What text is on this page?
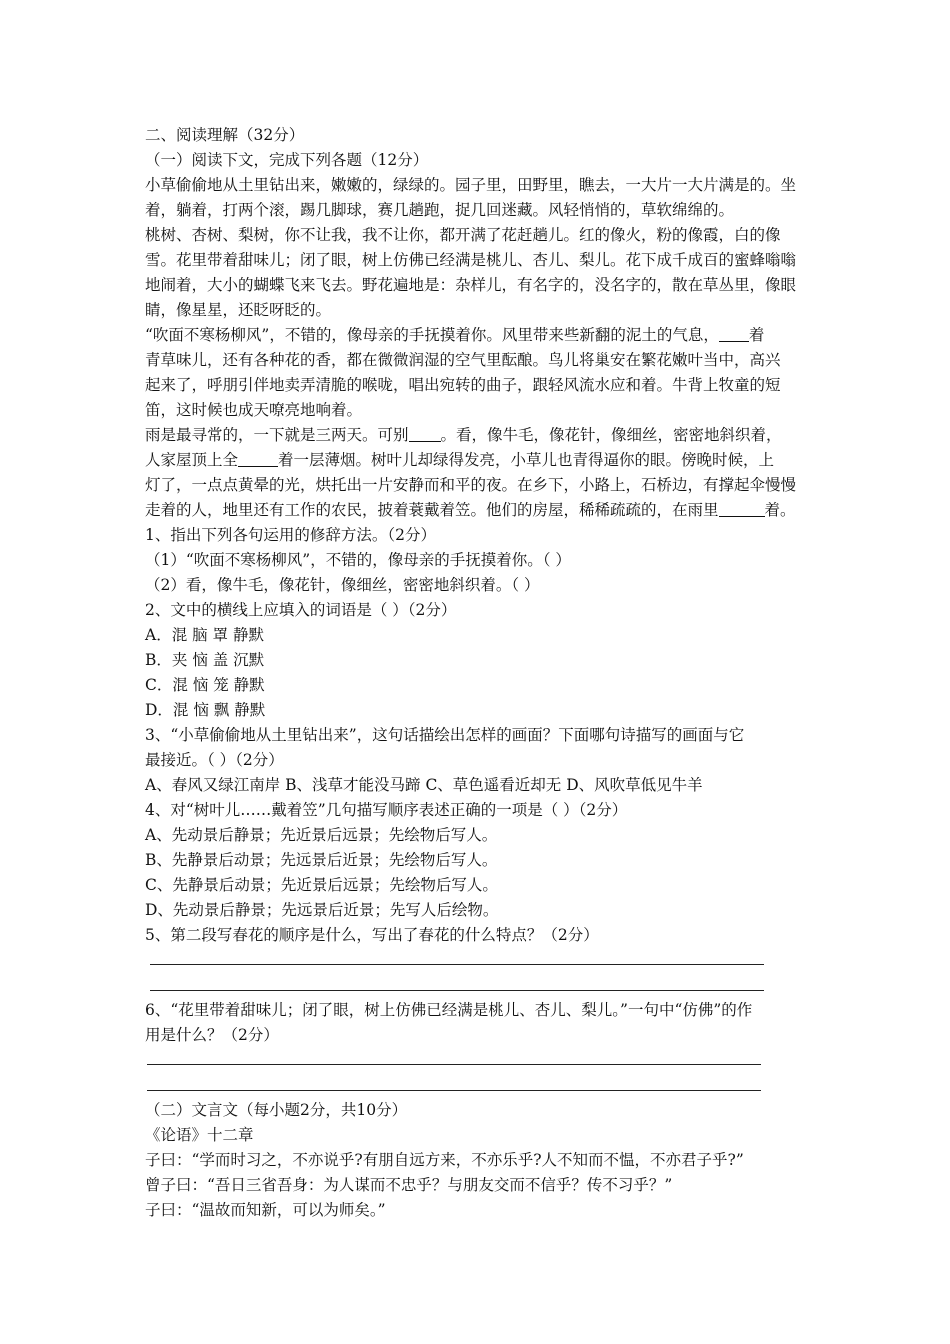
二、阅读理解（32分）
（一）阅读下文，完成下列各题（12分）
小草偷偷地从土里钻出来，嫩嫩的，绿绿的。园子里，田野里，瞧去，一大片一大片满是的。坐
着，躺着，打两个滚，踢几脚球，赛几趟跑，捉几回迷藏。风轻悄悄的，草软绵绵的。
桃树、杏树、梨树，你不让我，我不让你，都开满了花赶趟儿。红的像火，粉的像霞，白的像
雪。花里带着甜味儿；闭了眼，树上仿佛已经满是桃儿、杏儿、梨儿。花下成千成百的蜜蜂嗡嗡
地闹着，大小的蝴蝶飞来飞去。野花遍地是：杂样儿，有名字的，没名字的，散在草丛里，像眼
睛，像星星，还眨呀眨的。
“吹面不寒杨柳风”，不错的，像母亲的手抚摸着你。风里带来些新翻的泥土的气息， 着
青草味儿，还有各种花的香，都在微微润湿的空气里酝酿。鸟儿将巢安在繁花嫩叶当中，高兴
起来了，呼朋引伴地卖弄清脆的喉咙，唱出宛转的曲子，跟轻风流水应和着。牛背上牧童的短
笛，这时候也成天嘹亮地响着。
雨是最寻常的，一下就是三两天。可别 。看，像牛毛，像花针，像细丝，密密地斜织着，
人家屋顶上全	着一层薄烟。树叶儿却绿得发亮，小草儿也青得逼你的眼。傍晚时候，上
灯了，一点点黄晕的光，烘托出一片安静而和平的夜。在乡下，小路上，石桥边，有撑起伞慢慢
走着的人，地里还有工作的农民，披着蓑戴着笠。他们的房屋，稀稀疏疏的，在雨里	着。
1、指出下列各句运用的修辞方法。（2分）
（1）“吹面不寒杨柳风”，不错的，像母亲的手抚摸着你。（ ）
（2）看，像牛毛，像花针，像细丝，密密地斜织着。（ ）
2、文中的横线上应填入的词语是（ ）（2分）
A．混 脑 罩 静默
B．夹 恼 盖 沉默
C．混 恼 笼 静默
D．混 恼 飘 静默
3、“小草偷偷地从土里钻出来”，这句话描绘出怎样的画面？下面哪句诗描写的画面与它
最接近。（ ）（2分）
A、春风又绿江南岸 B、浅草才能没马蹄 C、草色遥看近却无 D、风吹草低见牛羊
4、对“树叶儿……戴着笠”几句描写顺序表述正确的一项是（ ）（2分）
A、先动景后静景；先近景后远景；先绘物后写人。
B、先静景后动景；先远景后近景；先绘物后写人。
C、先静景后动景；先近景后远景；先绘物后写人。
D、先动景后静景；先远景后近景；先写人后绘物。
5、第二段写春花的顺序是什么，写出了春花的什么特点？（2分）
6、“花里带着甜味儿；闭了眼，树上仿佛已经满是桃儿、杏儿、梨儿。”一句中“仿佛”的作
用是什么？（2分）
（二）文言文（每小题2分，共10分）
《论语》十二章
子曰：“学而时习之，不亦说乎?有朋自远方来，不亦乐乎?人不知而不愠，不亦君子乎?”
曾子曰：“吾日三省吾身：为人谋而不忠乎？与朋友交而不信乎？传不习乎？”
子曰：“温故而知新，可以为师矣。”
